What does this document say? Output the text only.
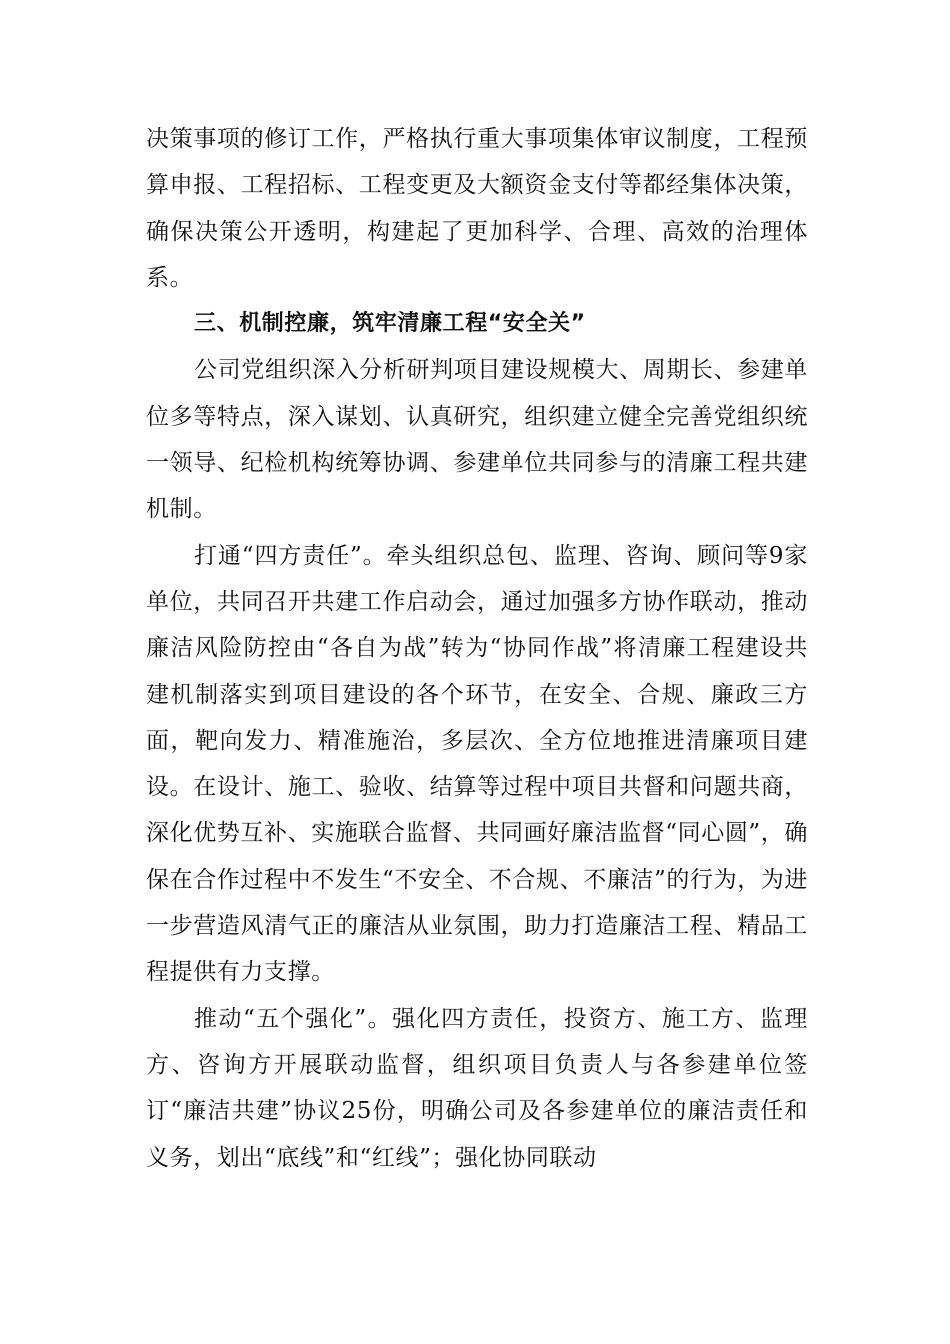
决策事项的修订工作，严格执行重大事项集体审议制度，工程预算申报、工程招标、工程变更及大额资金支付等都经集体决策，确保决策公开透明，构建起了更加科学、合理、高效的治理体系。

三、机制控廉，筑牢清廉工程“安全关”

公司党组织深入分析研判项目建设规模大、周期长、参建单位多等特点，深入谋划、认真研究，组织建立健全完善党组织统一领导、纪检机构统筹协调、参建单位共同参与的清廉工程共建机制。

打通“四方责任”。牵头组织总包、监理、咨询、顾问等9家单位，共同召开共建工作启动会，通过加强多方协作联动，推动廉洁风险防控由“各自为战”转为“协同作战”将清廉工程建设共建机制落实到项目建设的各个环节，在安全、合规、廉政三方面，靶向发力、精准施治，多层次、全方位地推进清廉项目建设。在设计、施工、验收、结算等过程中项目共督和问题共商，深化优势互补、实施联合监督、共同画好廉洁监督“同心圆”，确保在合作过程中不发生“不安全、不合规、不廉洁”的行为，为进一步营造风清气正的廉洁从业氛围，助力打造廉洁工程、精品工程提供有力支撑。

推动“五个强化”。强化四方责任，投资方、施工方、监理方、咨询方开展联动监督，组织项目负责人与各参建单位签订“廉洁共建”协议25份，明确公司及各参建单位的廉洁责任和义务，划出“底线”和“红线”；强化协同联动
